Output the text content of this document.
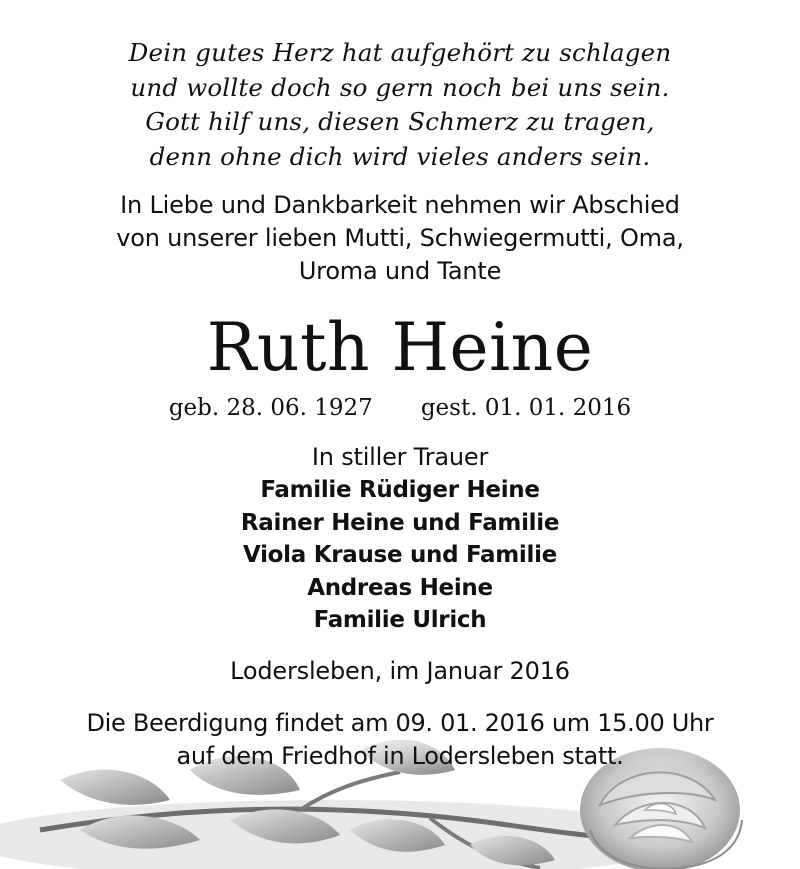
Dein gutes Herz hat aufgehört zu schlagen
und wollte doch so gern noch bei uns sein.
Gott hilf uns, diesen Schmerz zu tragen,
denn ohne dich wird vieles anders sein.
In Liebe und Dankbarkeit nehmen wir Abschied
von unserer lieben Mutti, Schwiegermutti, Oma,
Uroma und Tante
Ruth Heine
geb. 28. 06. 1927 gest. 01. 01. 2016
In stiller Trauer
Familie Rüdiger Heine
Rainer Heine und Familie
Viola Krause und Familie
Andreas Heine
Familie Ulrich
Lodersleben, im Januar 2016
Die Beerdigung findet am 09. 01. 2016 um 15.00 Uhr
auf dem Friedhof in Lodersleben statt.
